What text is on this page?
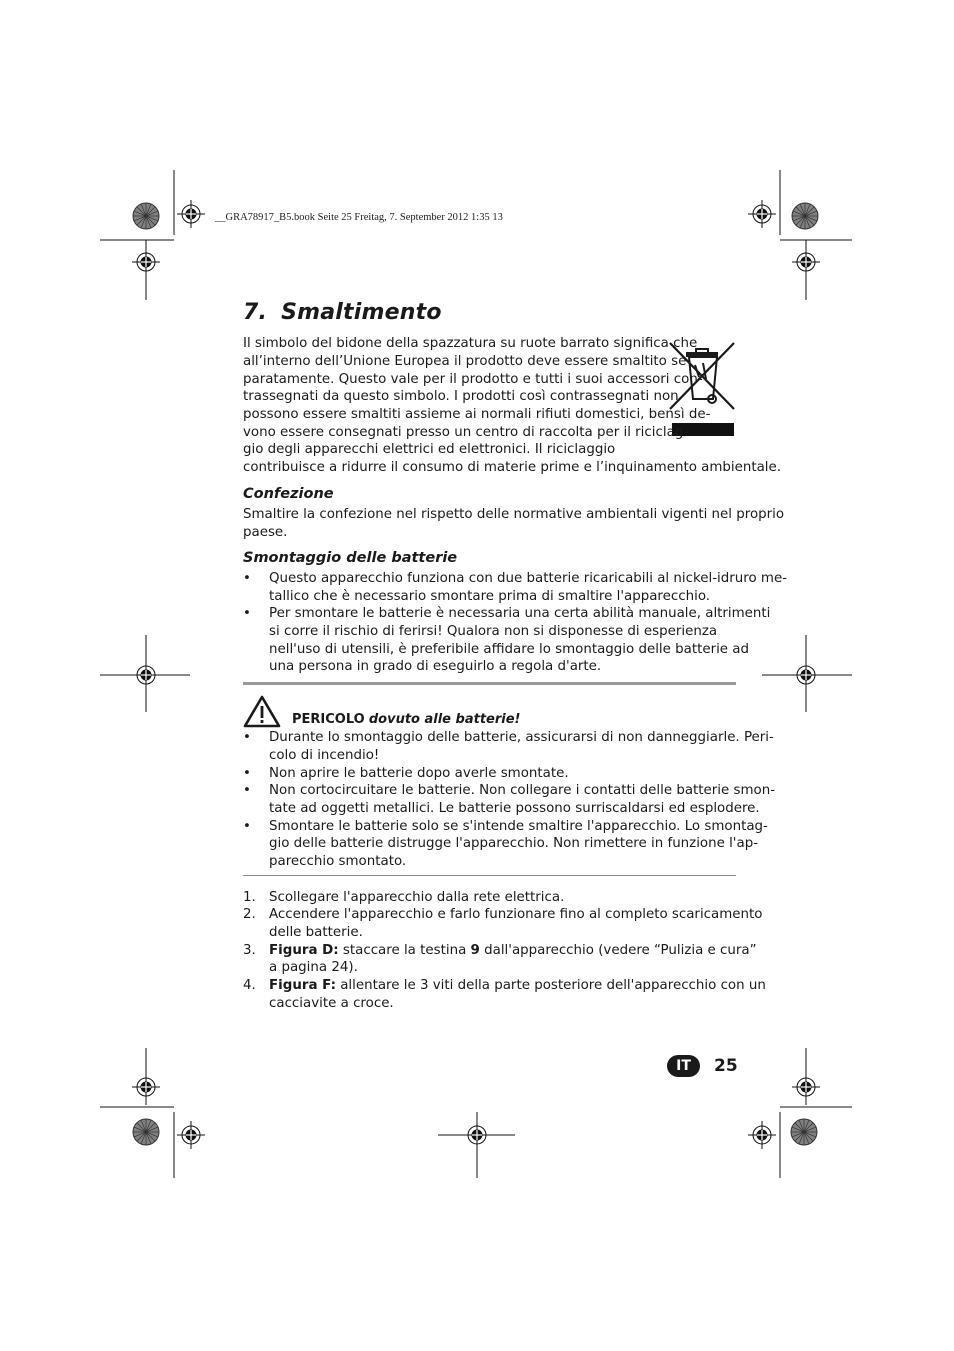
__GRA78917_B5.book Seite 25 Freitag, 7. September 2012 1:35 13
7. Smaltimento
Il simbolo del bidone della spazzatura su ruote barrato significa che
all’interno dell’Unione Europea il prodotto deve essere smaltito se-
paratamente. Questo vale per il prodotto e tutti i suoi accessori con-
trassegnati da questo simbolo. I prodotti così contrassegnati non
possono essere smaltiti assieme ai normali rifiuti domestici, bensì de-
vono essere consegnati presso un centro di raccolta per il riciclag-
gio degli apparecchi elettrici ed elettronici. Il riciclaggio
contribuisce a ridurre il consumo di materie prime e l’inquinamento ambientale.
Confezione
Smaltire la confezione nel rispetto delle normative ambientali vigenti nel proprio
paese.
Smontaggio delle batterie
• Questo apparecchio funziona con due batterie ricaricabili al nickel-idruro me-
tallico che è necessario smontare prima di smaltire l'apparecchio.
• Per smontare le batterie è necessaria una certa abilità manuale, altrimenti
si corre il rischio di ferirsi! Qualora non si disponesse di esperienza
nell'uso di utensili, è preferibile affidare lo smontaggio delle batterie ad
una persona in grado di eseguirlo a regola d'arte.
PERICOLO dovuto alle batterie!
• Durante lo smontaggio delle batterie, assicurarsi di non danneggiarle. Peri-
colo di incendio!
• Non aprire le batterie dopo averle smontate.
• Non cortocircuitare le batterie. Non collegare i contatti delle batterie smon-
tate ad oggetti metallici. Le batterie possono surriscaldarsi ed esplodere.
• Smontare le batterie solo se s'intende smaltire l'apparecchio. Lo smontag-
gio delle batterie distrugge l'apparecchio. Non rimettere in funzione l'ap-
parecchio smontato.
1. Scollegare l'apparecchio dalla rete elettrica.
2. Accendere l'apparecchio e farlo funzionare fino al completo scaricamento
delle batterie.
3. Figura D: staccare la testina 9 dall'apparecchio (vedere “Pulizia e cura”
a pagina 24).
4. Figura F: allentare le 3 viti della parte posteriore dell'apparecchio con un
cacciavite a croce.
IT	25
